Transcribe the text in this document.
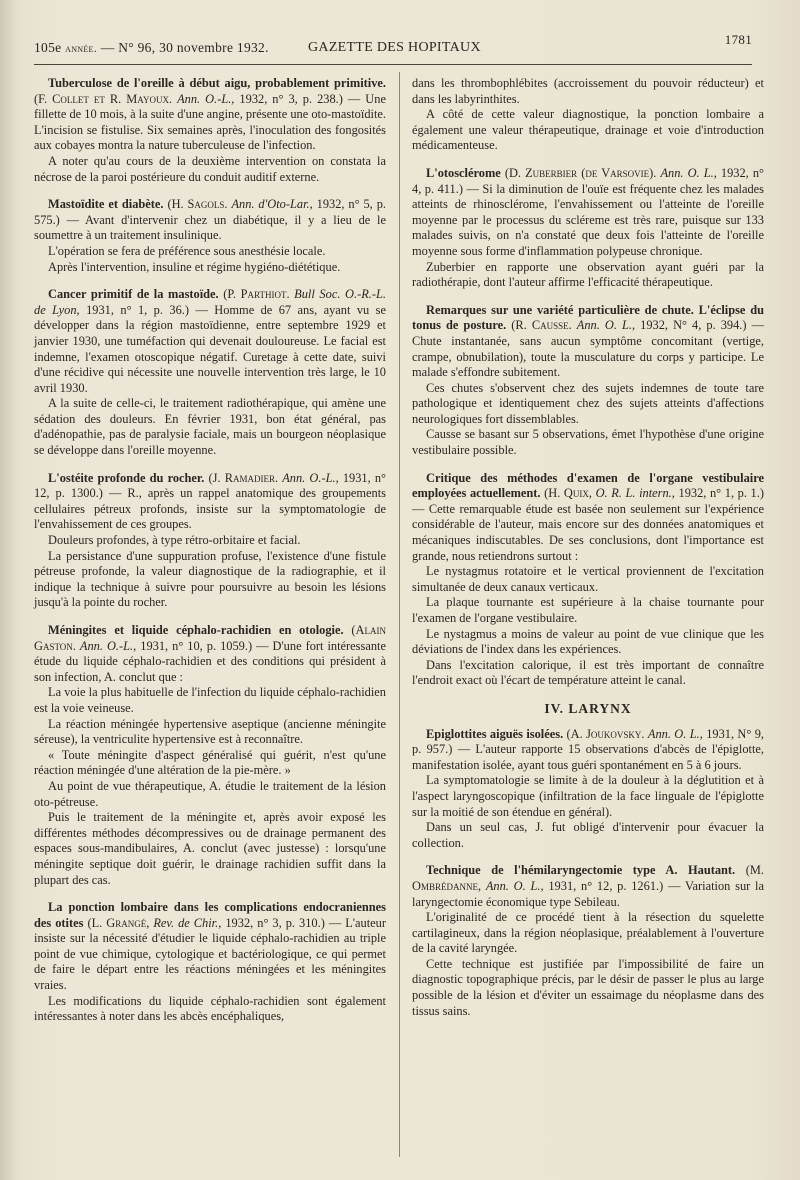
105e année. — N° 96, 30 novembre 1932.	GAZETTE DES HOPITAUX
1781

Tuberculose de l'oreille à début aigu, probablement primitive. (F. Collet et R. Mayoux. Ann. O.-L., 1932, n° 3, p. 238.) — Une fillette de 10 mois, à la suite d'une angine, présente une oto-mastoïdite. L'incision se fistulise. Six semaines après, l'inoculation des fongosités aux cobayes montra la nature tuberculeuse de l'infection.

A noter qu'au cours de la deuxième intervention on constata la nécrose de la paroi postérieure du conduit auditif externe.

Mastoïdite et diabète. (H. Sagols. Ann. d'Oto-Lar., 1932, n° 5, p. 575.) — Avant d'intervenir chez un diabétique, il y a lieu de le soumettre à un traitement insulinique.

L'opération se fera de préférence sous anesthésie locale.

Après l'intervention, insuline et régime hygiéno-diététique.

Cancer primitif de la mastoïde. (P. Parthiot. Bull Soc. O.-R.-L. de Lyon, 1931, n° 1, p. 36.) — Homme de 67 ans, ayant vu se développer dans la région mastoïdienne, entre septembre 1929 et janvier 1930, une tuméfaction qui devenait douloureuse. Le facial est indemne, l'examen otoscopique négatif. Curetage à cette date, suivi d'une récidive qui nécessite une nouvelle intervention très large, le 10 avril 1930.

A la suite de celle-ci, le traitement radiothérapique, qui amène une sédation des douleurs. En février 1931, bon état général, pas d'adénopathie, pas de paralysie faciale, mais un bourgeon néoplasique se développe dans l'oreille moyenne.

L'ostéite profonde du rocher. (J. Ramadier. Ann. O.-L., 1931, n° 12, p. 1300.) — R., après un rappel anatomique des groupements cellulaires pétreux profonds, insiste sur la symptomatologie de l'envahissement de ces groupes.

Douleurs profondes, à type rétro-orbitaire et facial.

La persistance d'une suppuration profuse, l'existence d'une fistule pétreuse profonde, la valeur diagnostique de la radiographie, et il indique la technique à suivre pour poursuivre au besoin les lésions jusqu'à la pointe du rocher.

Méningites et liquide céphalo-rachidien en otologie. (Alain Gaston. Ann. O.-L., 1931, n° 10, p. 1059.) — D'une fort intéressante étude du liquide céphalo-rachidien et des conditions qui président à son infection, A. conclut que :

La voie la plus habituelle de l'infection du liquide céphalo-rachidien est la voie veineuse.

La réaction méningée hypertensive aseptique (ancienne méningite séreuse), la ventriculite hypertensive est à reconnaître.

« Toute méningite d'aspect généralisé qui guérit, n'est qu'une réaction méningée d'une altération de la pie-mère. »

Au point de vue thérapeutique, A. étudie le traitement de la lésion oto-pétreuse.

Puis le traitement de la méningite et, après avoir exposé les différentes méthodes décompressives ou de drainage permanent des espaces sous-mandibulaires, A. conclut (avec justesse) : lorsqu'une méningite septique doit guérir, le drainage rachidien suffit dans la plupart des cas.

La ponction lombaire dans les complications endocraniennes des otites (L. Grangé, Rev. de Chir., 1932, n° 3, p. 310.) — L'auteur insiste sur la nécessité d'étudier le liquide céphalo-rachidien au triple point de vue chimique, cytologique et bactériologique, ce qui permet de faire le départ entre les réactions méningées et les méningites vraies.

Les modifications du liquide céphalo-rachidien sont également intéressantes à noter dans les abcès encéphaliques,

dans les thrombophlébites (accroissement du pouvoir réducteur) et dans les labyrinthites.

A côté de cette valeur diagnostique, la ponction lombaire a également une valeur thérapeutique, drainage et voie d'introduction médicamenteuse.

L'otosclérome (D. Zuberbier (de Varsovie). Ann. O. L., 1932, n° 4, p. 411.) — Si la diminution de l'ouïe est fréquente chez les malades atteints de rhinosclérome, l'envahissement ou l'atteinte de l'oreille moyenne par le processus du scléreme est très rare, puisque sur 133 malades suivis, on n'a constaté que deux fois l'atteinte de l'oreille moyenne sous forme d'inflammation polypeuse chronique.

Zuberbier en rapporte une observation ayant guéri par la radiothérapie, dont l'auteur affirme l'efficacité thérapeutique.

Remarques sur une variété particulière de chute. L'éclipse du tonus de posture. (R. Causse. Ann. O. L., 1932, N° 4, p. 394.) — Chute instantanée, sans aucun symptôme concomitant (vertige, crampe, obnubilation), toute la musculature du corps y participe. Le malade s'effondre subitement.

Ces chutes s'observent chez des sujets indemnes de toute tare pathologique et identiquement chez des sujets atteints d'affections neurologiques fort dissemblables.

Causse se basant sur 5 observations, émet l'hypothèse d'une origine vestibulaire possible.

Critique des méthodes d'examen de l'organe vestibulaire employées actuellement. (H. Quix, O. R. L. intern., 1932, n° 1, p. 1.) — Cette remarquable étude est basée non seulement sur l'expérience considérable de l'auteur, mais encore sur des données anatomiques et mécaniques indiscutables. De ses conclusions, dont l'importance est grande, nous retiendrons surtout :

Le nystagmus rotatoire et le vertical proviennent de l'excitation simultanée de deux canaux verticaux.

La plaque tournante est supérieure à la chaise tournante pour l'examen de l'organe vestibulaire.

Le nystagmus a moins de valeur au point de vue clinique que les déviations de l'index dans les expériences.

Dans l'excitation calorique, il est très important de connaître l'endroit exact où l'écart de température atteint le canal.

IV. LARYNX

Epiglottites aiguës isolées. (A. Joukovsky. Ann. O. L., 1931, N° 9, p. 957.) — L'auteur rapporte 15 observations d'abcès de l'épiglotte, manifestation isolée, ayant tous guéri spontanément en 5 à 6 jours.

La symptomatologie se limite à de la douleur à la déglutition et à l'aspect laryngoscopique (infiltration de la face linguale de l'épiglotte sur la moitié de son étendue en général).

Dans un seul cas, J. fut obligé d'intervenir pour évacuer la collection.

Technique de l'hémilaryngectomie type A. Hautant. (M. Ombrédanne, Ann. O. L., 1931, n° 12, p. 1261.) — Variation sur la laryngectomie économique type Sebileau.

L'originalité de ce procédé tient à la résection du squelette cartilagineux, dans la région néoplasique, préalablement à l'ouverture de la cavité laryngée.

Cette technique est justifiée par l'impossibilité de faire un diagnostic topographique précis, par le désir de passer le plus au large possible de la lésion et d'éviter un essaimage du néoplasme dans des tissus sains.
